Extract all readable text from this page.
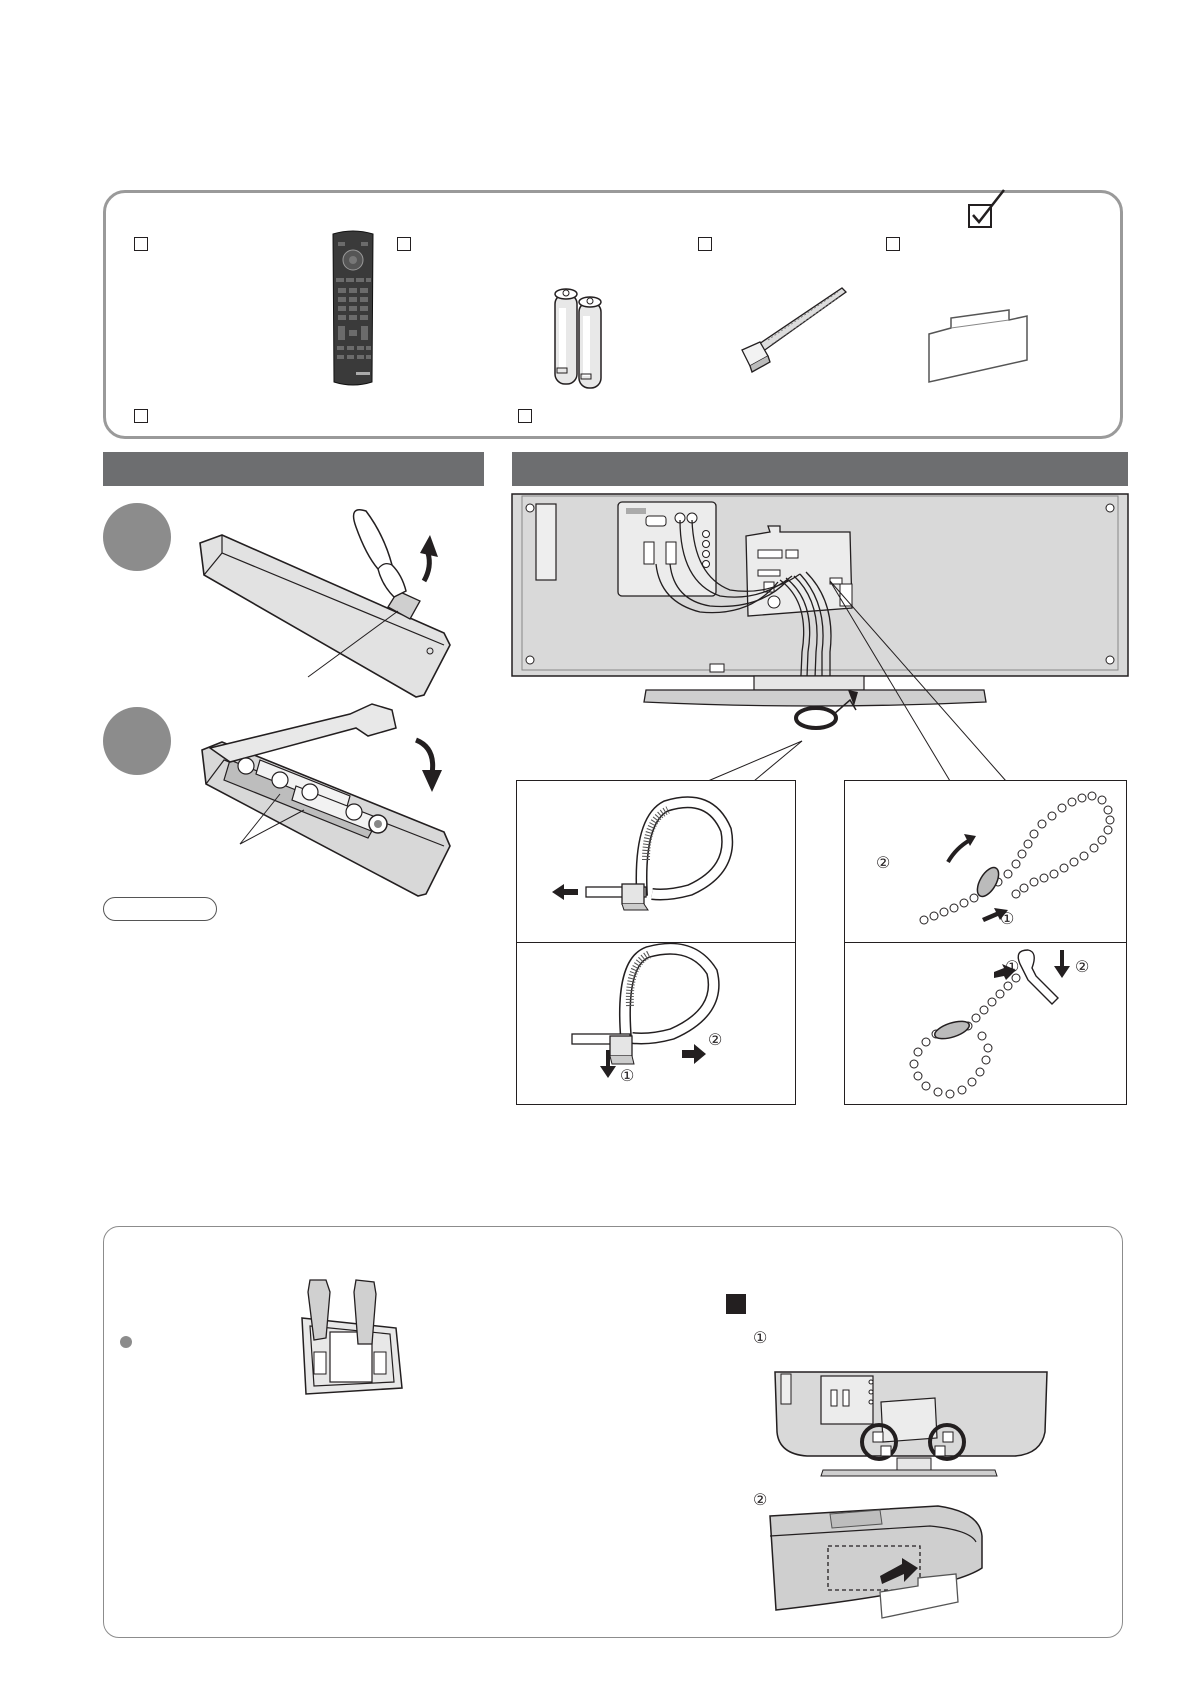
①
②
①
②
①	②
①
②
